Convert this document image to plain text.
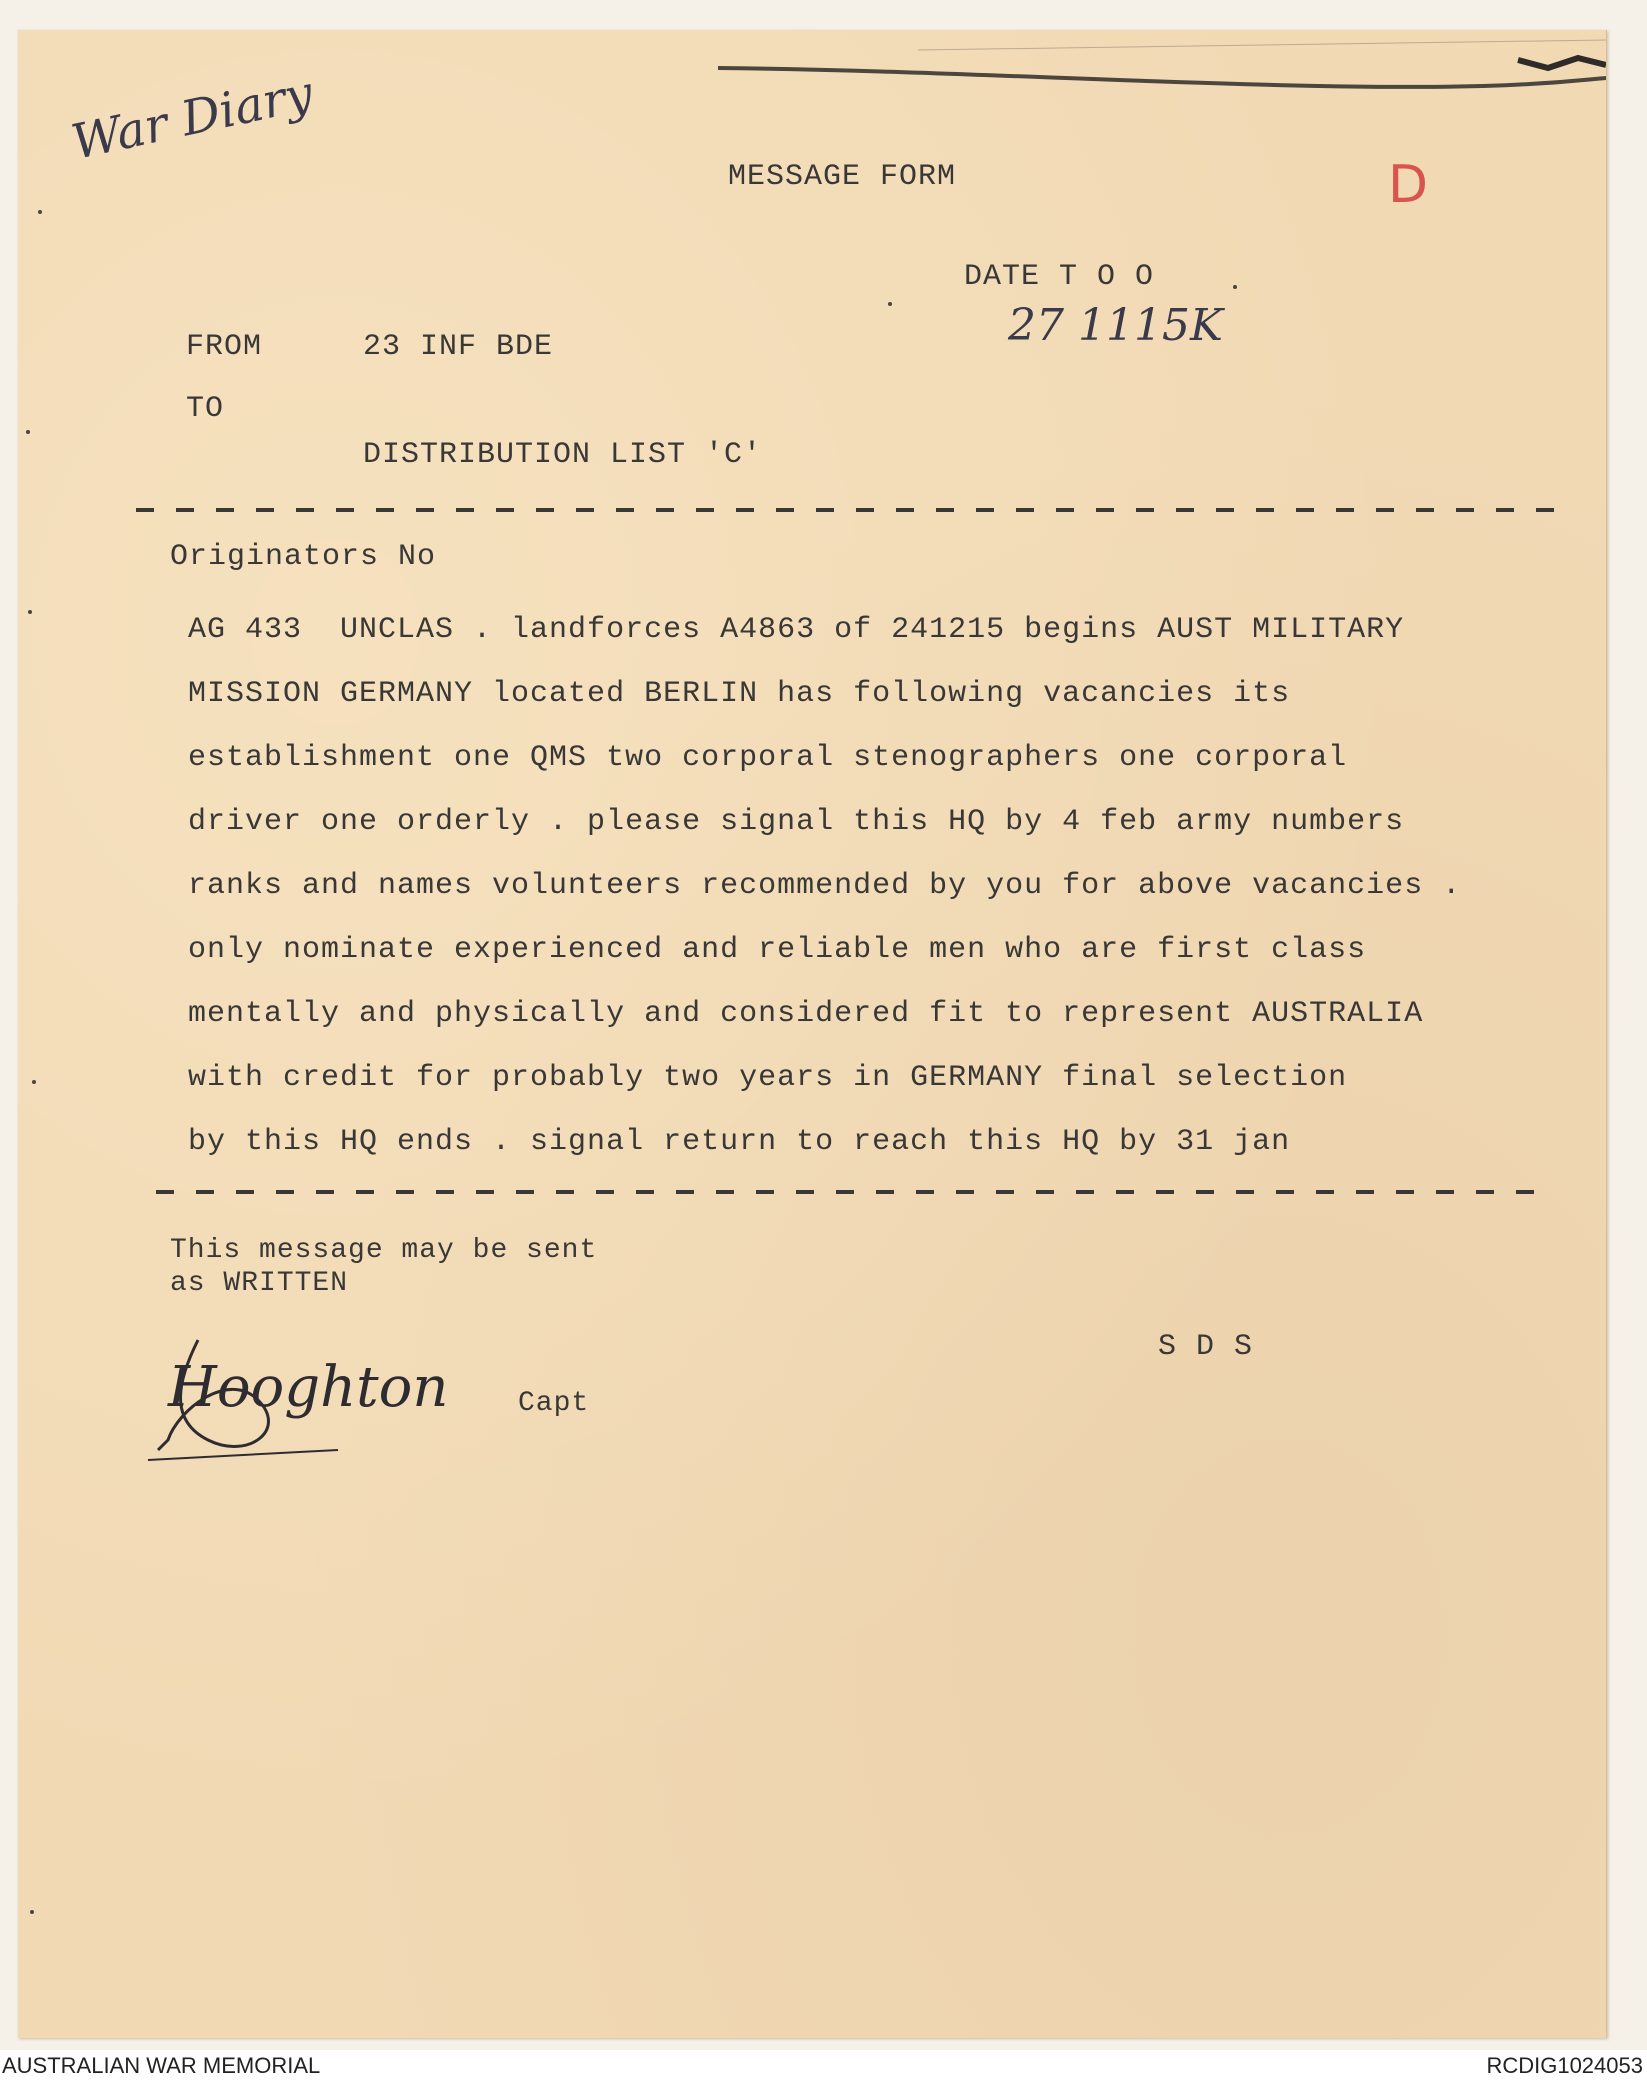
War Diary
D
MESSAGE FORM
DATE T O O
27 1115K
FROM	23 INF BDE
TO
DISTRIBUTION LIST 'C'
Originators No
AG 433  UNCLAS . landforces A4863 of 241215 begins AUST MILITARY
MISSION GERMANY located BERLIN has following vacancies its
establishment one QMS two corporal stenographers one corporal
driver one orderly . please signal this HQ by 4 feb army numbers
ranks and names volunteers recommended by you for above vacancies .
only nominate experienced and reliable men who are first class
mentally and physically and considered fit to represent AUSTRALIA
with credit for probably two years in GERMANY final selection
by this HQ ends . signal return to reach this HQ by 31 jan
This message may be sent
as WRITTEN
Hooghton Capt
S D S
AUSTRALIAN WAR MEMORIAL	RCDIG1024053
